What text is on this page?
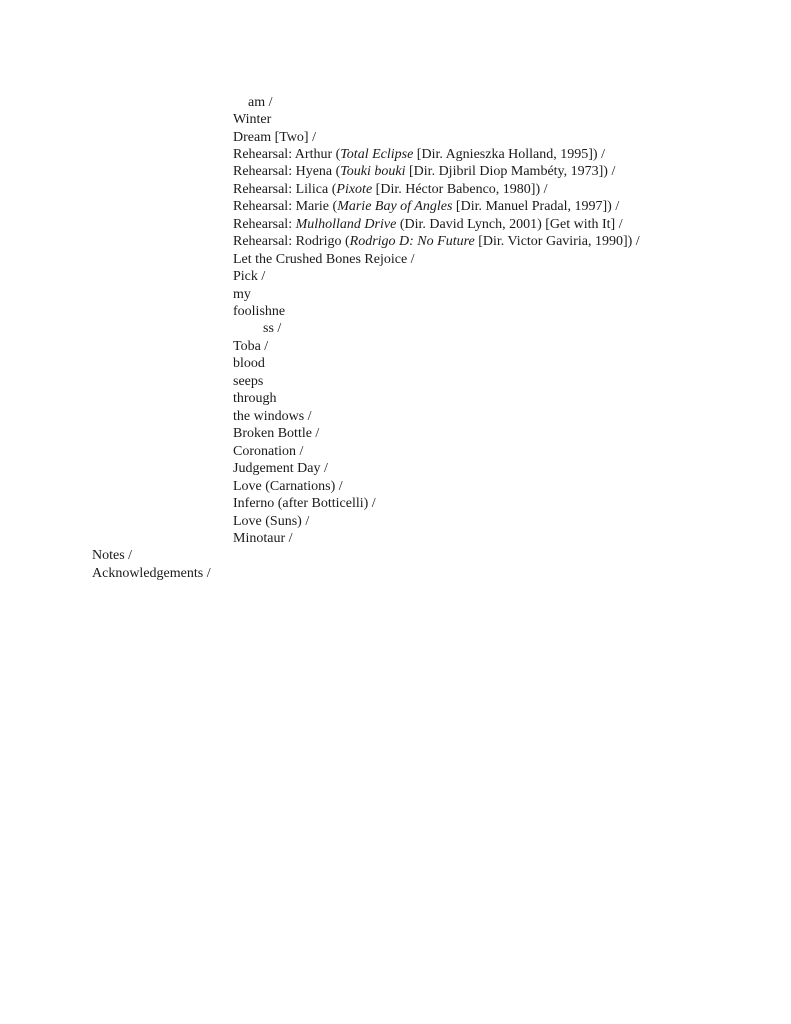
am /
Winter
Dream [Two] /
Rehearsal: Arthur (Total Eclipse [Dir. Agnieszka Holland, 1995]) /
Rehearsal: Hyena (Touki bouki [Dir. Djibril Diop Mambéty, 1973]) /
Rehearsal: Lilica (Pixote [Dir. Héctor Babenco, 1980]) /
Rehearsal: Marie (Marie Bay of Angles [Dir. Manuel Pradal, 1997]) /
Rehearsal: Mulholland Drive (Dir. David Lynch, 2001) [Get with It] /
Rehearsal: Rodrigo (Rodrigo D: No Future [Dir. Victor Gaviria, 1990]) /
Let the Crushed Bones Rejoice /
Pick /
my
foolishne
ss /
Toba /
blood
seeps
through
the windows /
Broken Bottle /
Coronation /
Judgement Day /
Love (Carnations) /
Inferno (after Botticelli) /
Love (Suns) /
Minotaur /
Notes /
Acknowledgements /
